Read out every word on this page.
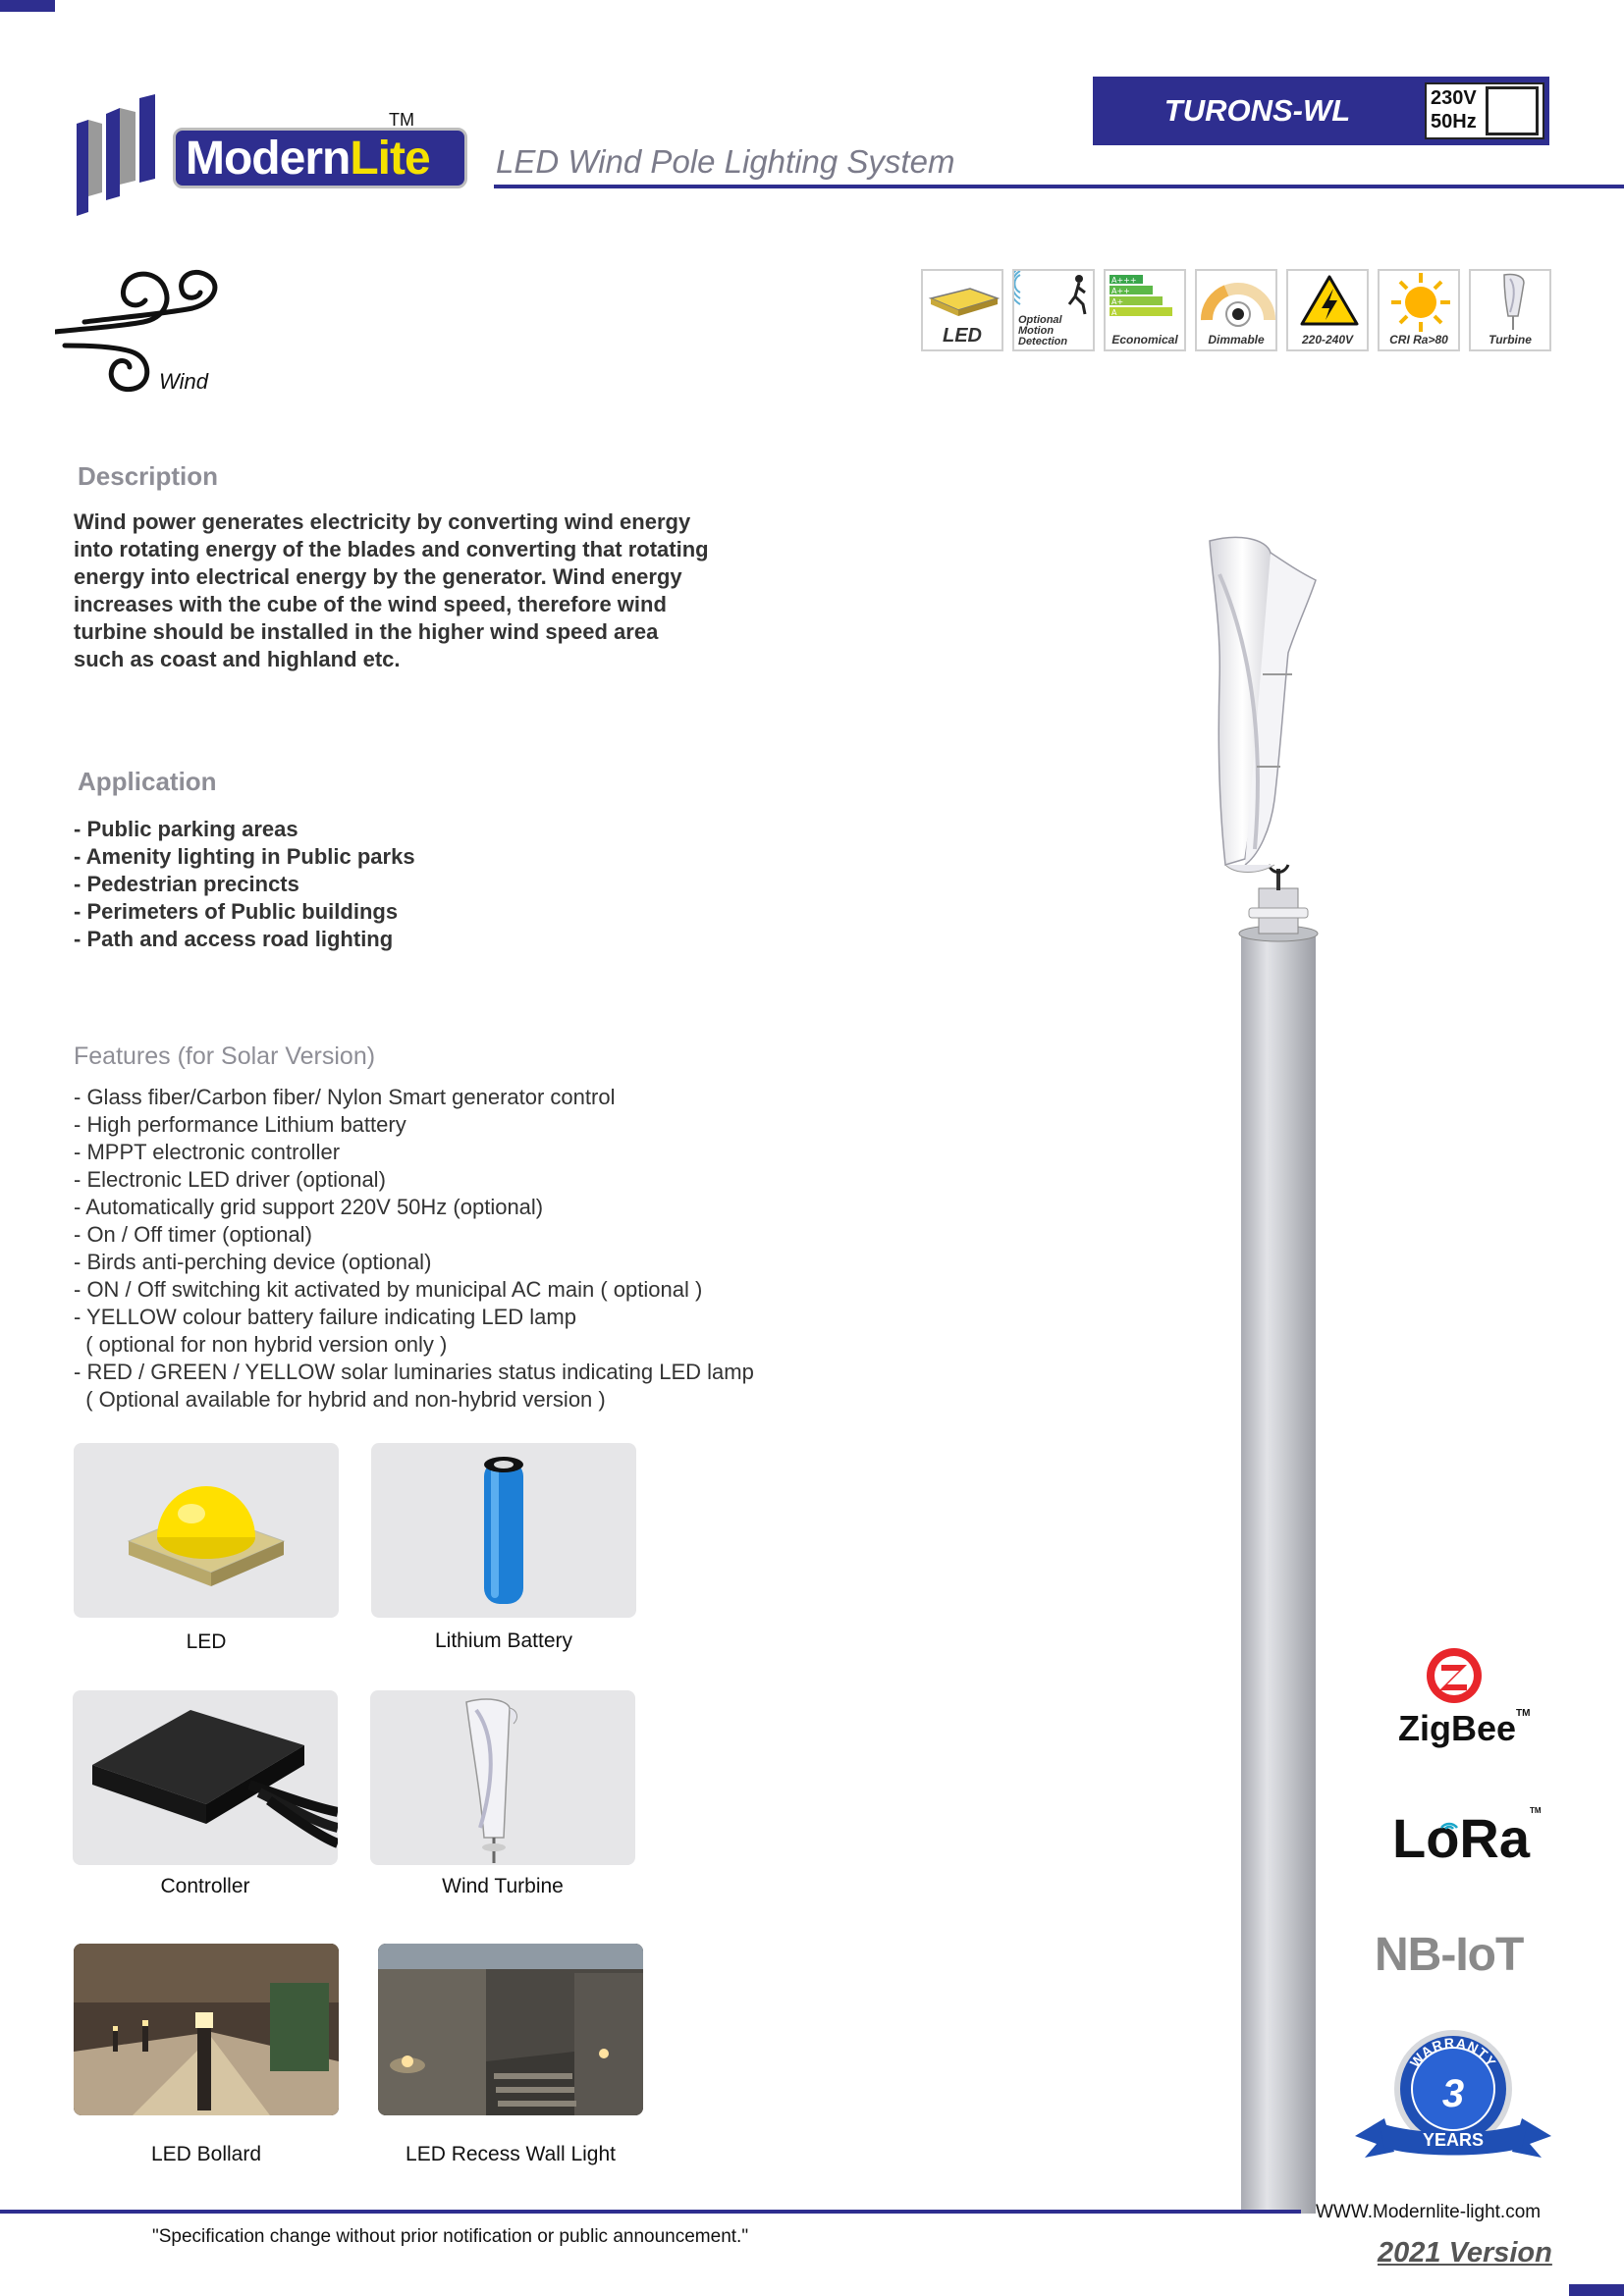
Modern Lite
TM
LED Wind Pole Lighting System
TURONS-WL	230V
50Hz
Wind
LED
Optional
Motion
Detection
A+++
A++
A+
A
Economical	Dimmable	220-240V	CRI Ra>80	Turbine
Description
Wind power generates electricity by converting wind energy
into rotating energy of the blades and converting that rotating
energy into electrical energy by the generator. Wind energy
increases with the cube of the wind speed, therefore wind
turbine should be installed in the higher wind speed area
such as coast and highland etc.
Application
- Public parking areas
- Amenity lighting in Public parks
- Pedestrian precincts
- Perimeters of Public buildings
- Path and access road lighting
Features (for Solar Version)
- Glass fiber/Carbon fiber/ Nylon Smart generator control
- High performance Lithium battery
- MPPT electronic controller
- Electronic LED driver (optional)
- Automatically grid support 220V 50Hz (optional)
- On / Off timer (optional)
- Birds anti-perching device (optional)
- ON / Off switching kit activated by municipal AC main ( optional )
- YELLOW colour battery failure indicating LED lamp
( optional for non hybrid version only )
- RED / GREEN / YELLOW solar luminaries status indicating LED lamp
( Optional available for hybrid and non-hybrid version )
LED	Lithium Battery
Controller	Wind Turbine
LED Bollard	LED Recess Wall Light
ZigBee™
LoRa™
NB-IoT
WARRANTY
3
YEARS
WWW.Modernlite-light.com
"Specification change without prior notification or public announcement."
2021 Version
